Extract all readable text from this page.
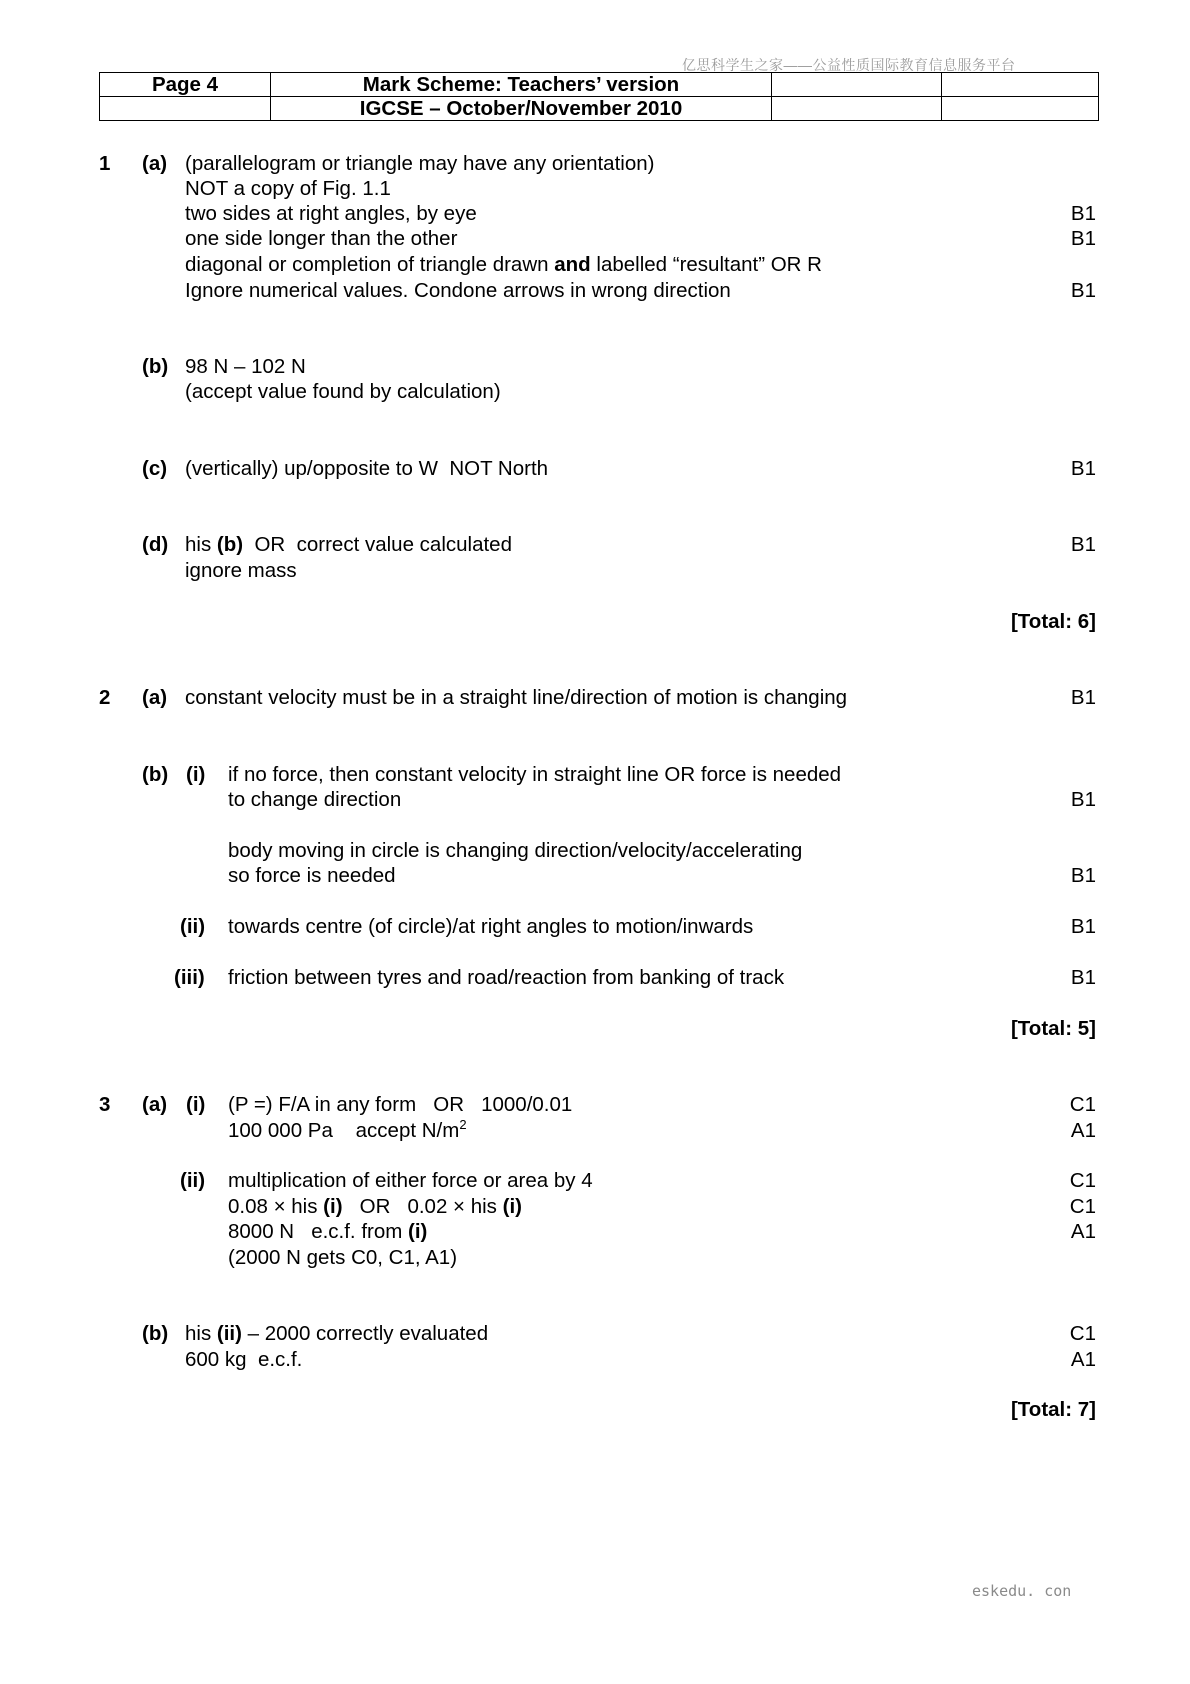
亿思科学生之家——公益性质国际教育信息服务平台
Page 4	Mark Scheme: Teachers’ version		
	IGCSE – October/November 2010		
1 (a) (parallelogram or triangle may have any orientation)
NOT a copy of Fig. 1.1
two sides at right angles, by eye	B1
one side longer than the other	B1
diagonal or completion of triangle drawn and labelled “resultant” OR R
Ignore numerical values. Condone arrows in wrong direction	B1
(b) 98 N – 102 N
(accept value found by calculation)
(c) (vertically) up/opposite to W  NOT North	B1
(d) his (b)  OR  correct value calculated	B1
ignore mass
[Total: 6]
2 (a) constant velocity must be in a straight line/direction of motion is changing	B1
(b) (i) if no force, then constant velocity in straight line OR force is needed
to change direction	B1
body moving in circle is changing direction/velocity/accelerating
so force is needed	B1
(ii) towards centre (of circle)/at right angles to motion/inwards	B1
(iii) friction between tyres and road/reaction from banking of track	B1
[Total: 5]
3 (a) (i) (P =) F/A in any form   OR   1000/0.01	C1
100 000 Pa    accept $N/m^2$	A1
(ii) multiplication of either force or area by 4	C1
0.08 × his (i)   OR   0.02 × his (i)	C1
8000 N   e.c.f. from (i)	A1
(2000 N gets C0, C1, A1)
(b) his (ii) – 2000 correctly evaluated	C1
600 kg  e.c.f.	A1
[Total: 7]
eskedu. con
